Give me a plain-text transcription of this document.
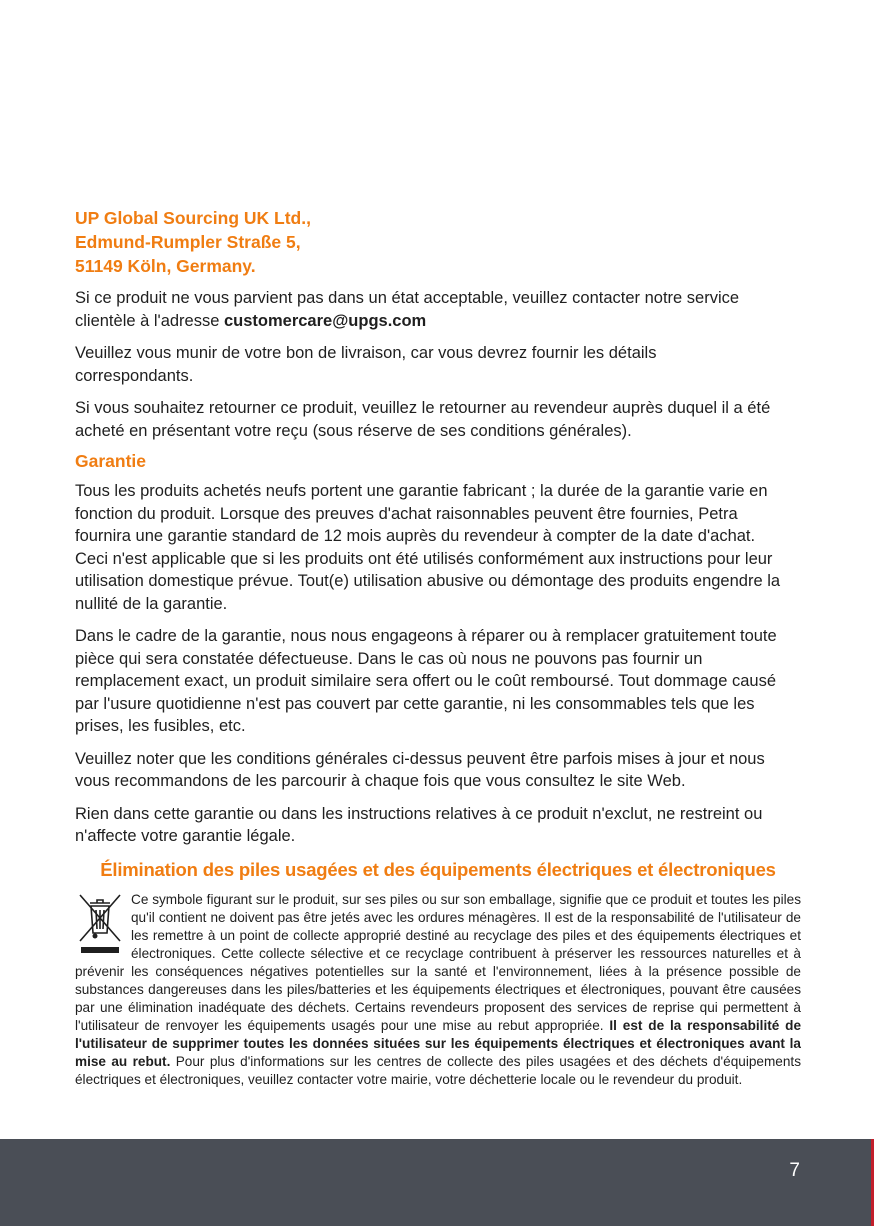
UP Global Sourcing UK Ltd.,
Edmund-Rumpler Straße 5,
51149 Köln, Germany.

Si ce produit ne vous parvient pas dans un état acceptable, veuillez contacter notre service clientèle à l'adresse customercare@upgs.com

Veuillez vous munir de votre bon de livraison, car vous devrez fournir les détails correspondants.

Si vous souhaitez retourner ce produit, veuillez le retourner au revendeur auprès duquel il a été acheté en présentant votre reçu (sous réserve de ses conditions générales).

Garantie

Tous les produits achetés neufs portent une garantie fabricant ; la durée de la garantie varie en fonction du produit. Lorsque des preuves d'achat raisonnables peuvent être fournies, Petra fournira une garantie standard de 12 mois auprès du revendeur à compter de la date d'achat. Ceci n'est applicable que si les produits ont été utilisés conformément aux instructions pour leur utilisation domestique prévue. Tout(e) utilisation abusive ou démontage des produits engendre la nullité de la garantie.

Dans le cadre de la garantie, nous nous engageons à réparer ou à remplacer gratuitement toute pièce qui sera constatée défectueuse. Dans le cas où nous ne pouvons pas fournir un remplacement exact, un produit similaire sera offert ou le coût remboursé. Tout dommage causé par l'usure quotidienne n'est pas couvert par cette garantie, ni les consommables tels que les prises, les fusibles, etc.

Veuillez noter que les conditions générales ci-dessus peuvent être parfois mises à jour et nous vous recommandons de les parcourir à chaque fois que vous consultez le site Web.

Rien dans cette garantie ou dans les instructions relatives à ce produit n'exclut, ne restreint ou n'affecte votre garantie légale.

Élimination des piles usagées et des équipements électriques et électroniques
Ce symbole figurant sur le produit, sur ses piles ou sur son emballage, signifie que ce produit et toutes les piles qu'il contient ne doivent pas être jetés avec les ordures ménagères. Il est de la responsabilité de l'utilisateur de les remettre à un point de collecte approprié destiné au recyclage des piles et des équipements électriques et électroniques. Cette collecte sélective et ce recyclage contribuent à préserver les ressources naturelles et à prévenir les conséquences négatives potentielles sur la santé et l'environnement, liées à la présence possible de substances dangereuses dans les piles/batteries et les équipements électriques et électroniques, pouvant être causées par une élimination inadéquate des déchets. Certains revendeurs proposent des services de reprise qui permettent à l'utilisateur de renvoyer les équipements usagés pour une mise au rebut appropriée. Il est de la responsabilité de l'utilisateur de supprimer toutes les données situées sur les équipements électriques et électroniques avant la mise au rebut. Pour plus d'informations sur les centres de collecte des piles usagées et des déchets d'équipements électriques et électroniques, veuillez contacter votre mairie, votre déchetterie locale ou le revendeur du produit.
7
